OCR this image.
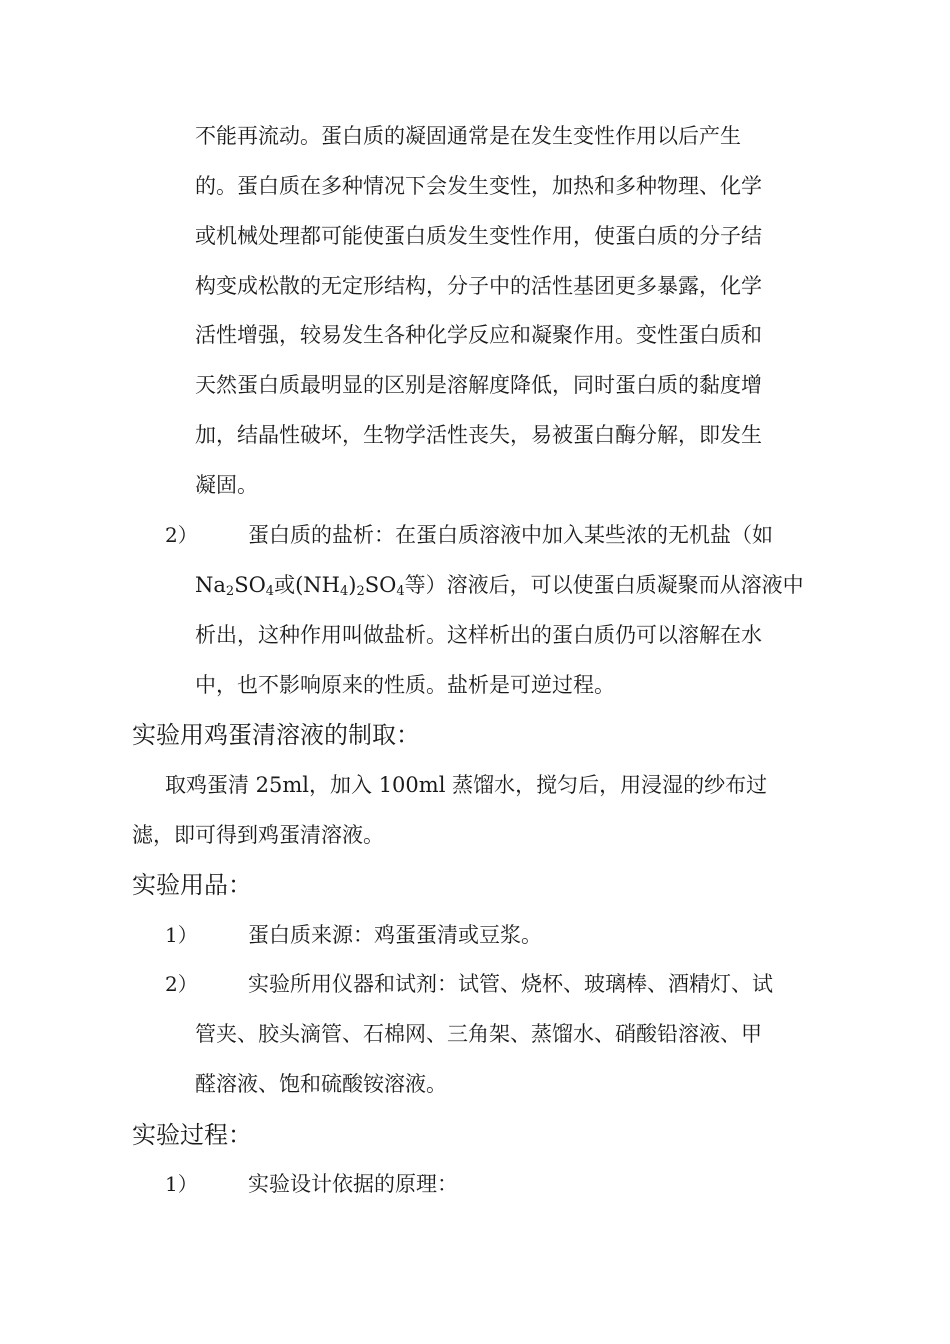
不能再流动。蛋白质的凝固通常是在发生变性作用以后产生
的。蛋白质在多种情况下会发生变性，加热和多种物理、化学
或机械处理都可能使蛋白质发生变性作用，使蛋白质的分子结
构变成松散的无定形结构，分子中的活性基团更多暴露，化学
活性增强，较易发生各种化学反应和凝聚作用。变性蛋白质和
天然蛋白质最明显的区别是溶解度降低，同时蛋白质的黏度增
加，结晶性破坏，生物学活性丧失，易被蛋白酶分解，即发生
凝固。
2） 蛋白质的盐析：在蛋白质溶液中加入某些浓的无机盐（如
$Na_2SO_4$或$(NH_4)_2SO_4$等）溶液后，可以使蛋白质凝聚而从溶液中
析出，这种作用叫做盐析。这样析出的蛋白质仍可以溶解在水
中，也不影响原来的性质。盐析是可逆过程。
实验用鸡蛋清溶液的制取：
取鸡蛋清 25ml，加入 100ml 蒸馏水，搅匀后，用浸湿的纱布过
滤，即可得到鸡蛋清溶液。
实验用品：
1） 蛋白质来源：鸡蛋蛋清或豆浆。
2） 实验所用仪器和试剂：试管、烧杯、玻璃棒、酒精灯、试
管夹、胶头滴管、石棉网、三角架、蒸馏水、硝酸铅溶液、甲
醛溶液、饱和硫酸铵溶液。
实验过程：
1） 实验设计依据的原理：
